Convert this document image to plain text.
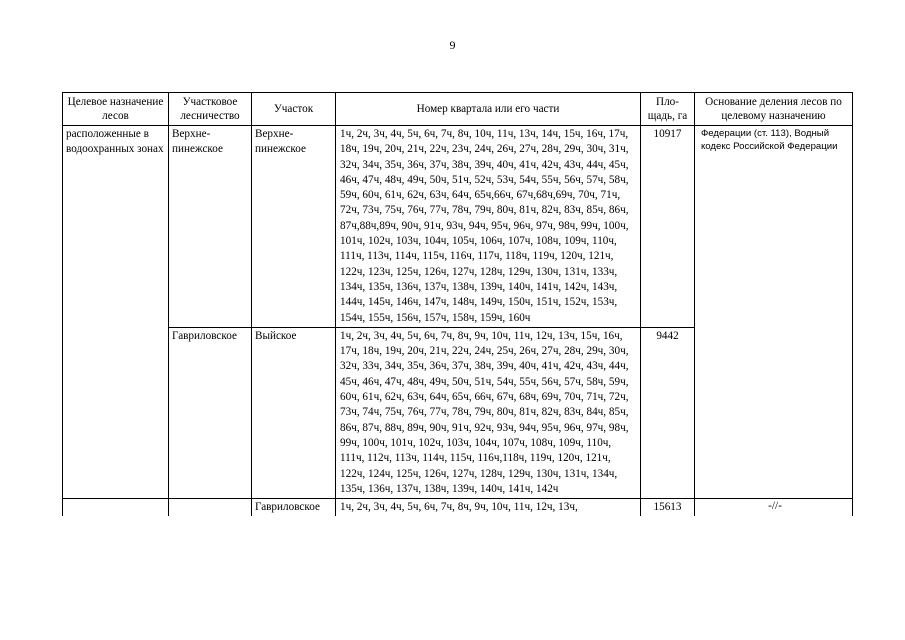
9
Целевое назначение лесов	Участковое лесничество	Участок	Номер квартала или его части	Пло-щадь, га	Основание деления лесов по целевому назначению
расположенные в водоохранных зонах	Верхне-пинежское	Верхне-пинежское	1ч, 2ч, 3ч, 4ч, 5ч, 6ч, 7ч, 8ч, 10ч, 11ч, 13ч, 14ч, 15ч, 16ч, 17ч, 18ч, 19ч, 20ч, 21ч, 22ч, 23ч, 24ч, 26ч, 27ч, 28ч, 29ч, 30ч, 31ч, 32ч, 34ч, 35ч, 36ч, 37ч, 38ч, 39ч, 40ч, 41ч, 42ч, 43ч, 44ч, 45ч, 46ч, 47ч, 48ч, 49ч, 50ч, 51ч, 52ч, 53ч, 54ч, 55ч, 56ч, 57ч, 58ч, 59ч, 60ч, 61ч, 62ч, 63ч, 64ч, 65ч,66ч, 67ч,68ч,69ч, 70ч, 71ч, 72ч, 73ч, 75ч, 76ч, 77ч, 78ч, 79ч, 80ч, 81ч, 82ч, 83ч, 85ч, 86ч, 87ч,88ч,89ч, 90ч, 91ч, 93ч, 94ч, 95ч, 96ч, 97ч, 98ч, 99ч, 100ч, 101ч, 102ч, 103ч, 104ч, 105ч, 106ч, 107ч, 108ч, 109ч, 110ч, 111ч, 113ч, 114ч, 115ч, 116ч, 117ч, 118ч, 119ч, 120ч, 121ч, 122ч, 123ч, 125ч, 126ч, 127ч, 128ч, 129ч, 130ч, 131ч, 133ч, 134ч, 135ч, 136ч, 137ч, 138ч, 139ч, 140ч, 141ч, 142ч, 143ч, 144ч, 145ч, 146ч, 147ч, 148ч, 149ч, 150ч, 151ч, 152ч, 153ч, 154ч, 155ч, 156ч, 157ч, 158ч, 159ч, 160ч	10917	Федерации (ст. 113), Водный кодекс Российской Федерации
	Гавриловское	Выйское	1ч, 2ч, 3ч, 4ч, 5ч, 6ч, 7ч, 8ч, 9ч, 10ч, 11ч, 12ч, 13ч, 15ч, 16ч, 17ч, 18ч, 19ч, 20ч, 21ч, 22ч, 24ч, 25ч, 26ч, 27ч, 28ч, 29ч, 30ч, 32ч, 33ч, 34ч, 35ч, 36ч, 37ч, 38ч, 39ч, 40ч, 41ч, 42ч, 43ч, 44ч, 45ч, 46ч, 47ч, 48ч, 49ч, 50ч, 51ч, 54ч, 55ч, 56ч, 57ч, 58ч, 59ч, 60ч, 61ч, 62ч, 63ч, 64ч, 65ч, 66ч, 67ч, 68ч, 69ч, 70ч, 71ч, 72ч, 73ч, 74ч, 75ч, 76ч, 77ч, 78ч, 79ч, 80ч, 81ч, 82ч, 83ч, 84ч, 85ч, 86ч, 87ч, 88ч, 89ч, 90ч, 91ч, 92ч, 93ч, 94ч, 95ч, 96ч, 97ч, 98ч, 99ч, 100ч, 101ч, 102ч, 103ч, 104ч, 107ч, 108ч, 109ч, 110ч, 111ч, 112ч, 113ч, 114ч, 115ч, 116ч,118ч, 119ч, 120ч, 121ч, 122ч, 124ч, 125ч, 126ч, 127ч, 128ч, 129ч, 130ч, 131ч, 134ч, 135ч, 136ч, 137ч, 138ч, 139ч, 140ч, 141ч, 142ч	9442	
		Гавриловское	1ч, 2ч, 3ч, 4ч, 5ч, 6ч, 7ч, 8ч, 9ч, 10ч, 11ч, 12ч, 13ч,	15613	-//-
